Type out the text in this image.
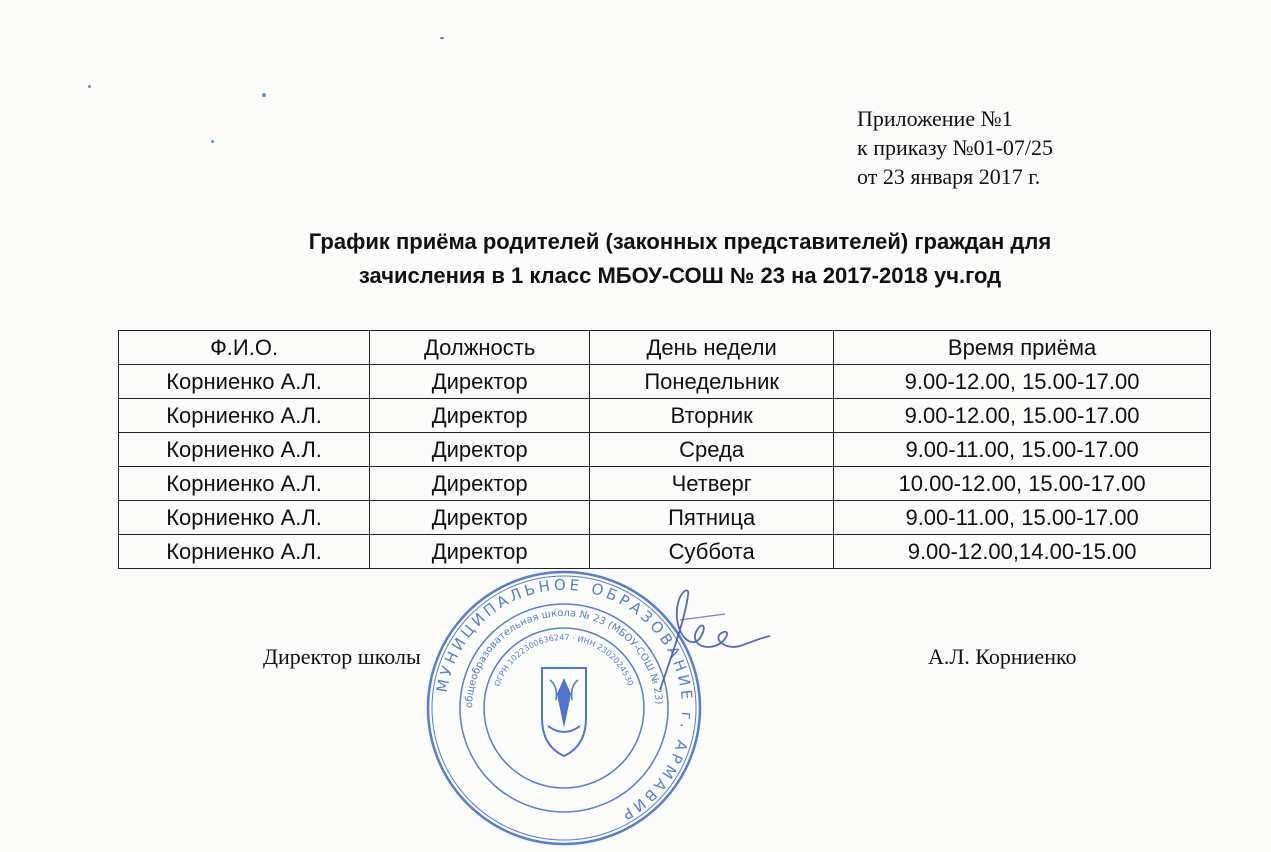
Приложение №1
к приказу №01-07/25
от 23 января 2017 г.
График приёма родителей (законных представителей) граждан для
зачисления в 1 класс МБОУ-СОШ № 23 на 2017-2018 уч.год
Ф.И.О.	Должность	День недели	Время приёма
Корниенко А.Л.	Директор	Понедельник	9.00-12.00, 15.00-17.00
Корниенко А.Л.	Директор	Вторник	9.00-12.00, 15.00-17.00
Корниенко А.Л.	Директор	Среда	9.00-11.00, 15.00-17.00
Корниенко А.Л.	Директор	Четверг	10.00-12.00, 15.00-17.00
Корниенко А.Л.	Директор	Пятница	9.00-11.00, 15.00-17.00
Корниенко А.Л.	Директор	Суббота	9.00-12.00,14.00-15.00
Директор школы	А.Л. Корниенко
МУНИЦИПАЛЬНОЕ ОБРАЗОВАНИЕ г. АРМАВИР
общеобразовательная школа № 23 (МБОУ-СОШ № 23)
ОГРН 1022300636247 · ИНН 2302024530
